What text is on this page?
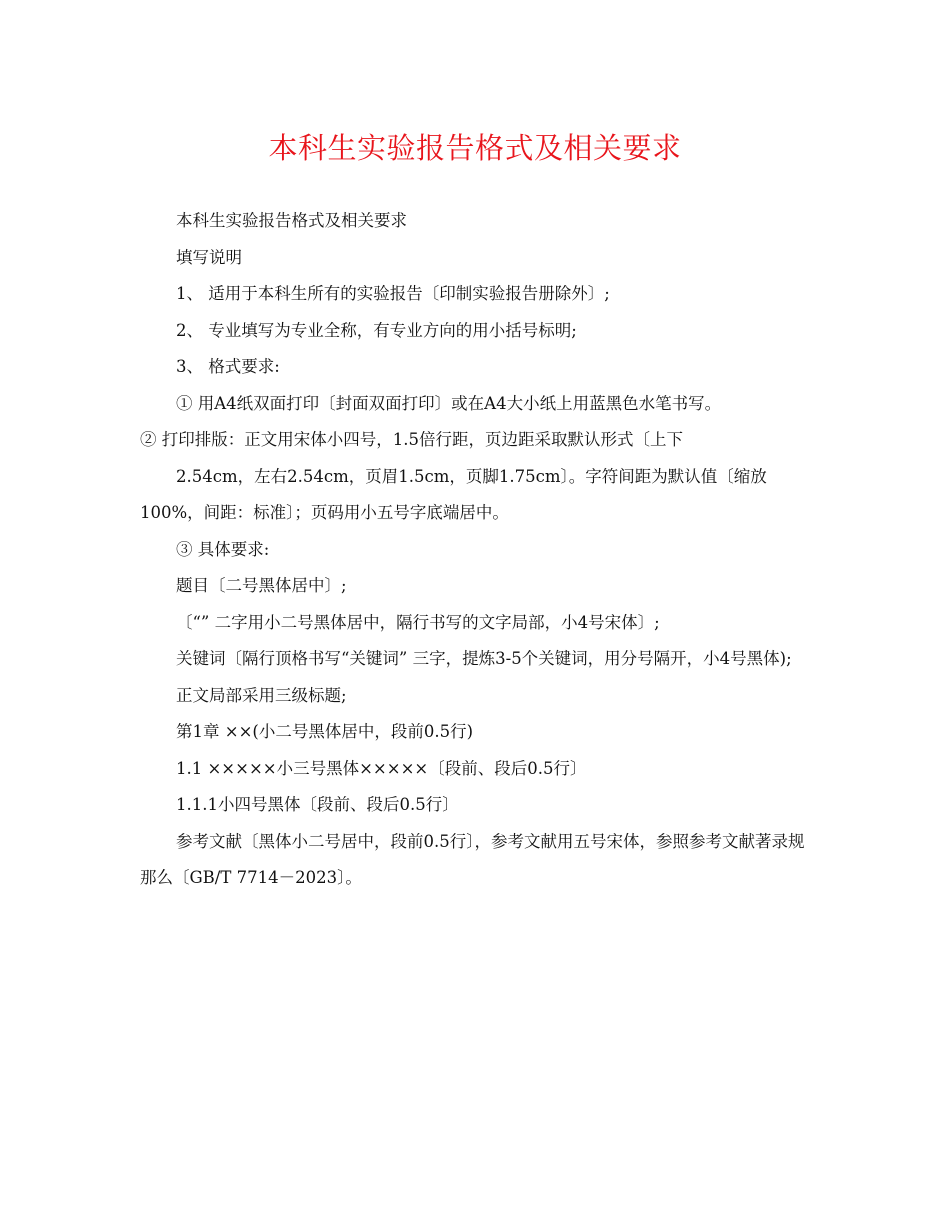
本科生实验报告格式及相关要求

本科生实验报告格式及相关要求

填写说明

1、 适用于本科生所有的实验报告〔印制实验报告册除外〕;

2、 专业填写为专业全称，有专业方向的用小括号标明;

3、 格式要求:

① 用A4纸双面打印〔封面双面打印〕或在A4大小纸上用蓝黑色水笔书写。

② 打印排版：正文用宋体小四号，1.5倍行距，页边距采取默认形式〔上下

2.54cm，左右2.54cm，页眉1.5cm，页脚1.75cm〕。字符间距为默认值〔缩放100%，间距：标准〕；页码用小五号字底端居中。

③ 具体要求:

题目〔二号黑体居中〕;

〔“” 二字用小二号黑体居中，隔行书写的文字局部，小4号宋体〕;

关键词〔隔行顶格书写“关键词” 三字，提炼3-5个关键词，用分号隔开，小4号黑体);

正文局部采用三级标题;

第1章 ××(小二号黑体居中，段前0.5行)

1.1 ×××××小三号黑体×××××〔段前、段后0.5行〕

1.1.1小四号黑体〔段前、段后0.5行〕

参考文献〔黑体小二号居中，段前0.5行〕，参考文献用五号宋体，参照参考文献著录规那么〔GB/T 7714－2023〕。
